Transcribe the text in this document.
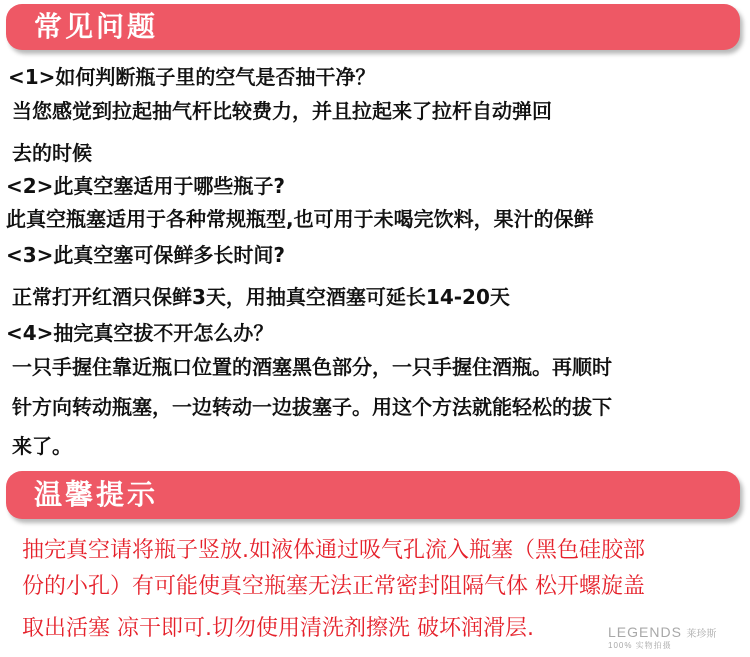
常见问题
<1>如何判断瓶子里的空气是否抽干净？
当您感觉到拉起抽气杆比较费力，并且拉起来了拉杆自动弹回
去的时候
<2>此真空塞适用于哪些瓶子?
此真空瓶塞适用于各种常规瓶型,也可用于未喝完饮料，果汁的保鲜
<3>此真空塞可保鲜多长时间?
正常打开红酒只保鲜3天，用抽真空酒塞可延长14-20天
<4>抽完真空拔不开怎么办？
一只手握住靠近瓶口位置的酒塞黑色部分，一只手握住酒瓶。再顺时
针方向转动瓶塞，一边转动一边拔塞子。用这个方法就能轻松的拔下
来了。
温馨提示
抽完真空请将瓶子竖放.如液体通过吸气孔流入瓶塞（黑色硅胶部
份的小孔）有可能使真空瓶塞无法正常密封阻隔气体 松开螺旋盖
取出活塞 凉干即可.切勿使用清洗剂擦洗 破坏润滑层.	LEGENDS 莱珍斯
100% 实物拍摄
